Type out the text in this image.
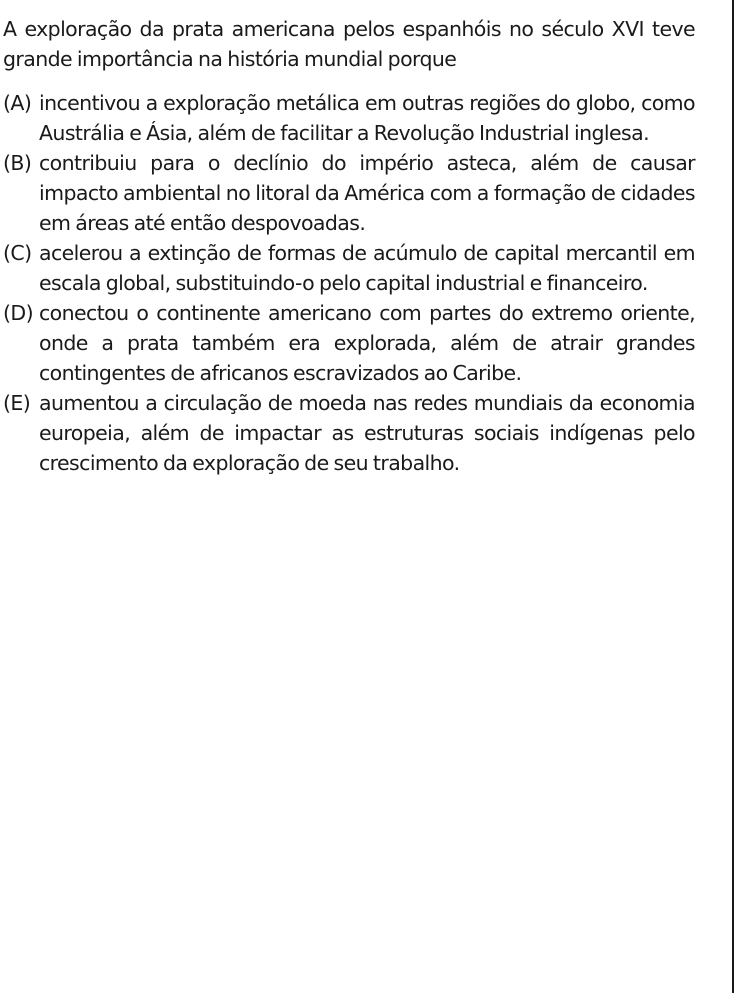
A exploração da prata americana pelos espanhóis no século XVI teve grande importância na história mundial porque

(A) incentivou a exploração metálica em outras regiões do globo, como Austrália e Ásia, além de facilitar a Revolução Industrial inglesa.
(B) contribuiu para o declínio do império asteca, além de causar impacto ambiental no litoral da América com a formação de cidades em áreas até então despovoadas.
(C) acelerou a extinção de formas de acúmulo de capital mercantil em escala global, substituindo-o pelo capital industrial e financeiro.
(D) conectou o continente americano com partes do extremo oriente, onde a prata também era explorada, além de atrair grandes contingentes de africanos escravizados ao Caribe.
(E) aumentou a circulação de moeda nas redes mundiais da economia europeia, além de impactar as estruturas sociais indígenas pelo crescimento da exploração de seu trabalho.
